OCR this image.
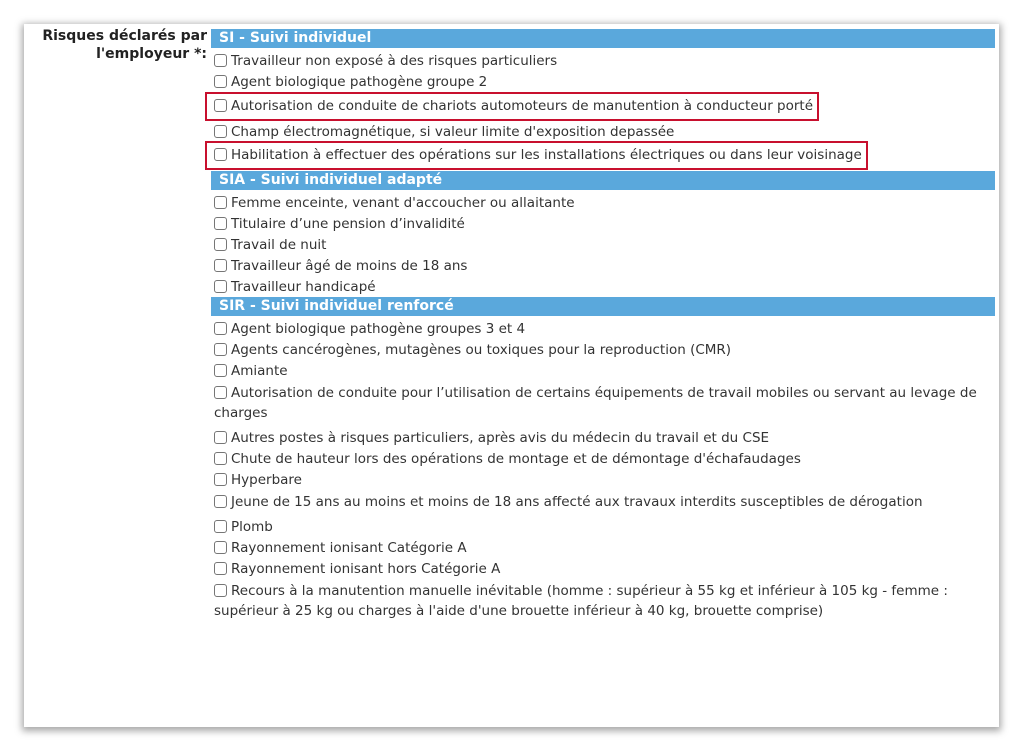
Risques déclarés par
l'employeur *:
SI - Suivi individuel
Travailleur non exposé à des risques particuliers
Agent biologique pathogène groupe 2
Autorisation de conduite de chariots automoteurs de manutention à conducteur porté
Champ électromagnétique, si valeur limite d'exposition depassée
Habilitation à effectuer des opérations sur les installations électriques ou dans leur voisinage
SIA - Suivi individuel adapté
Femme enceinte, venant d'accoucher ou allaitante
Titulaire d’une pension d’invalidité
Travail de nuit
Travailleur âgé de moins de 18 ans
Travailleur handicapé
SIR - Suivi individuel renforcé
Agent biologique pathogène groupes 3 et 4
Agents cancérogènes, mutagènes ou toxiques pour la reproduction (CMR)
Amiante
Autorisation de conduite pour l’utilisation de certains équipements de travail mobiles ou servant au levage de charges
Autres postes à risques particuliers, après avis du médecin du travail et du CSE
Chute de hauteur lors des opérations de montage et de démontage d'échafaudages
Hyperbare
Jeune de 15 ans au moins et moins de 18 ans affecté aux travaux interdits susceptibles de dérogation
Plomb
Rayonnement ionisant Catégorie A
Rayonnement ionisant hors Catégorie A
Recours à la manutention manuelle inévitable (homme : supérieur à 55 kg et inférieur à 105 kg - femme : supérieur à 25 kg ou charges à l'aide d'une brouette inférieur à 40 kg, brouette comprise)
